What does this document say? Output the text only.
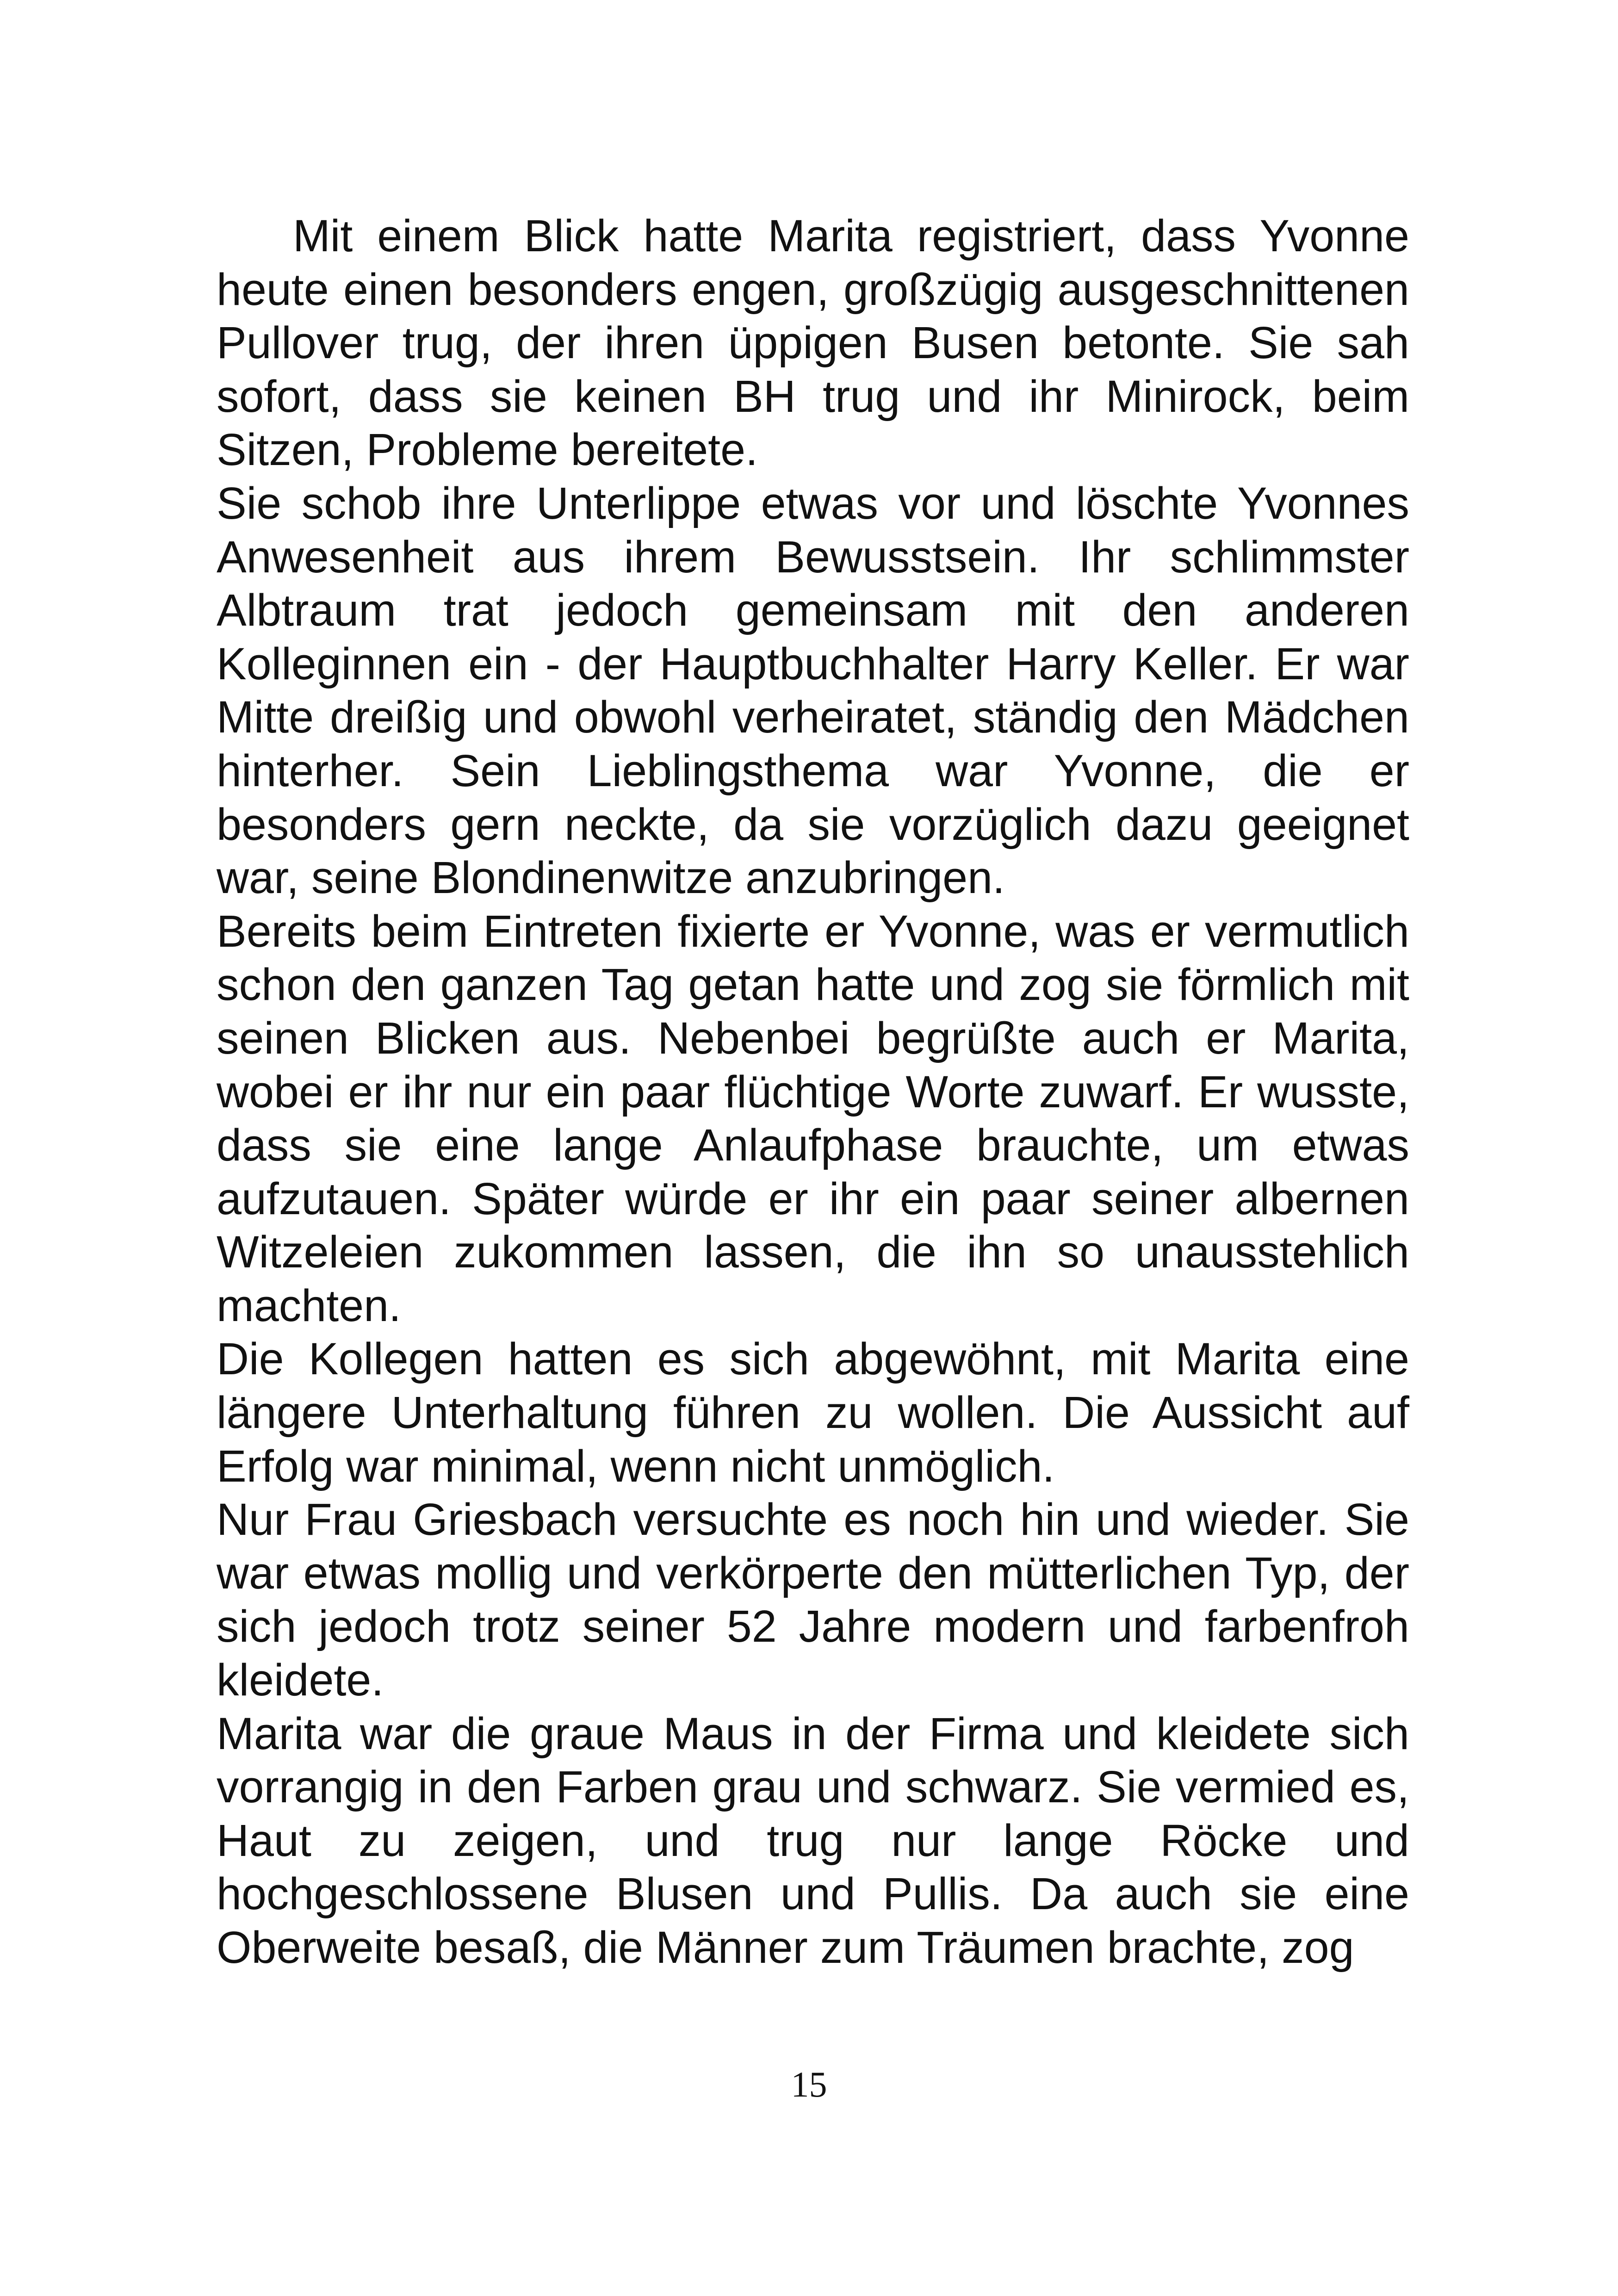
Mit einem Blick hatte Marita registriert, dass Yvonne heute einen besonders engen, großzügig ausgeschnittenen Pullover trug, der ihren üppigen Busen betonte. Sie sah sofort, dass sie keinen BH trug und ihr Minirock, beim Sitzen, Probleme bereitete.

Sie schob ihre Unterlippe etwas vor und löschte Yvonnes Anwesenheit aus ihrem Bewusstsein. Ihr schlimmster Albtraum trat jedoch gemeinsam mit den anderen Kolleginnen ein - der Hauptbuchhalter Harry Keller. Er war Mitte dreißig und obwohl verheiratet, ständig den Mädchen hinterher. Sein Lieblingsthema war Yvonne, die er besonders gern neckte, da sie vorzüglich dazu geeignet war, seine Blondinenwitze anzubringen.

Bereits beim Eintreten fixierte er Yvonne, was er vermutlich schon den ganzen Tag getan hatte und zog sie förmlich mit seinen Blicken aus. Nebenbei begrüßte auch er Marita, wobei er ihr nur ein paar flüchtige Worte zuwarf. Er wusste, dass sie eine lange Anlaufphase brauchte, um etwas aufzutauen. Später würde er ihr ein paar seiner albernen Witzeleien zukommen lassen, die ihn so unausstehlich machten.

Die Kollegen hatten es sich abgewöhnt, mit Marita eine längere Unterhaltung führen zu wollen. Die Aussicht auf Erfolg war minimal, wenn nicht unmöglich.

Nur Frau Griesbach versuchte es noch hin und wieder. Sie war etwas mollig und verkörperte den mütterlichen Typ, der sich jedoch trotz seiner 52 Jahre modern und farbenfroh kleidete.

Marita war die graue Maus in der Firma und kleidete sich vorrangig in den Farben grau und schwarz. Sie vermied es, Haut zu zeigen, und trug nur lange Röcke und hochgeschlossene Blusen und Pullis. Da auch sie eine Oberweite besaß, die Männer zum Träumen brachte, zog

15
